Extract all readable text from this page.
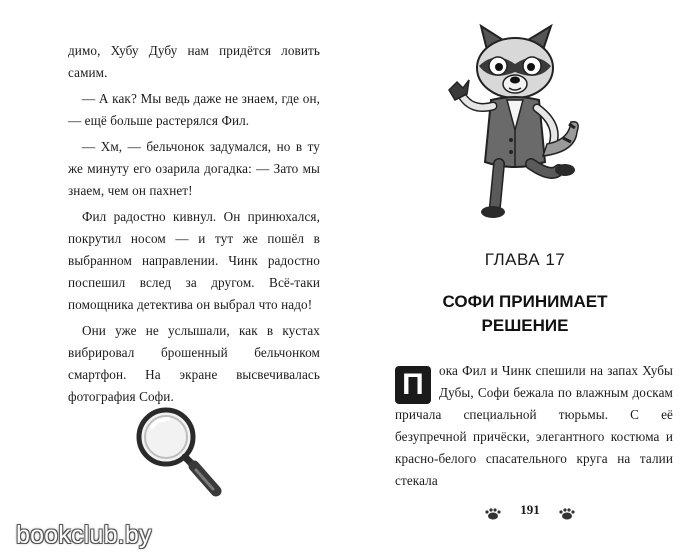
димо, Хубу Дубу нам придётся ловить самим.

— А как? Мы ведь даже не знаем, где он, — ещё больше растерялся Фил.

— Хм, — бельчонок задумался, но в ту же минуту его озарила догадка: — Зато мы знаем, чем он пахнет!

Фил радостно кивнул. Он принюхался, покрутил носом — и тут же пошёл в выбранном направлении. Чинк радостно поспешил вслед за другом. Всё-таки помощника детектива он выбрал что надо!

Они уже не услышали, как в кустах вибрировал брошенный бельчонком смартфон. На экране высвечивалась фотография Софи.

bookclub.by
ГЛАВА 17
СОФИ ПРИНИМАЕТ
РЕШЕНИЕ

П	ока Фил и Чинк спешили на запах Хубы Дубы, Софи бежала по влажным доскам причала специальной тюрьмы. С её безупречной причёски, элегантного костюма и красно-белого спасательного круга на талии стекала

191
